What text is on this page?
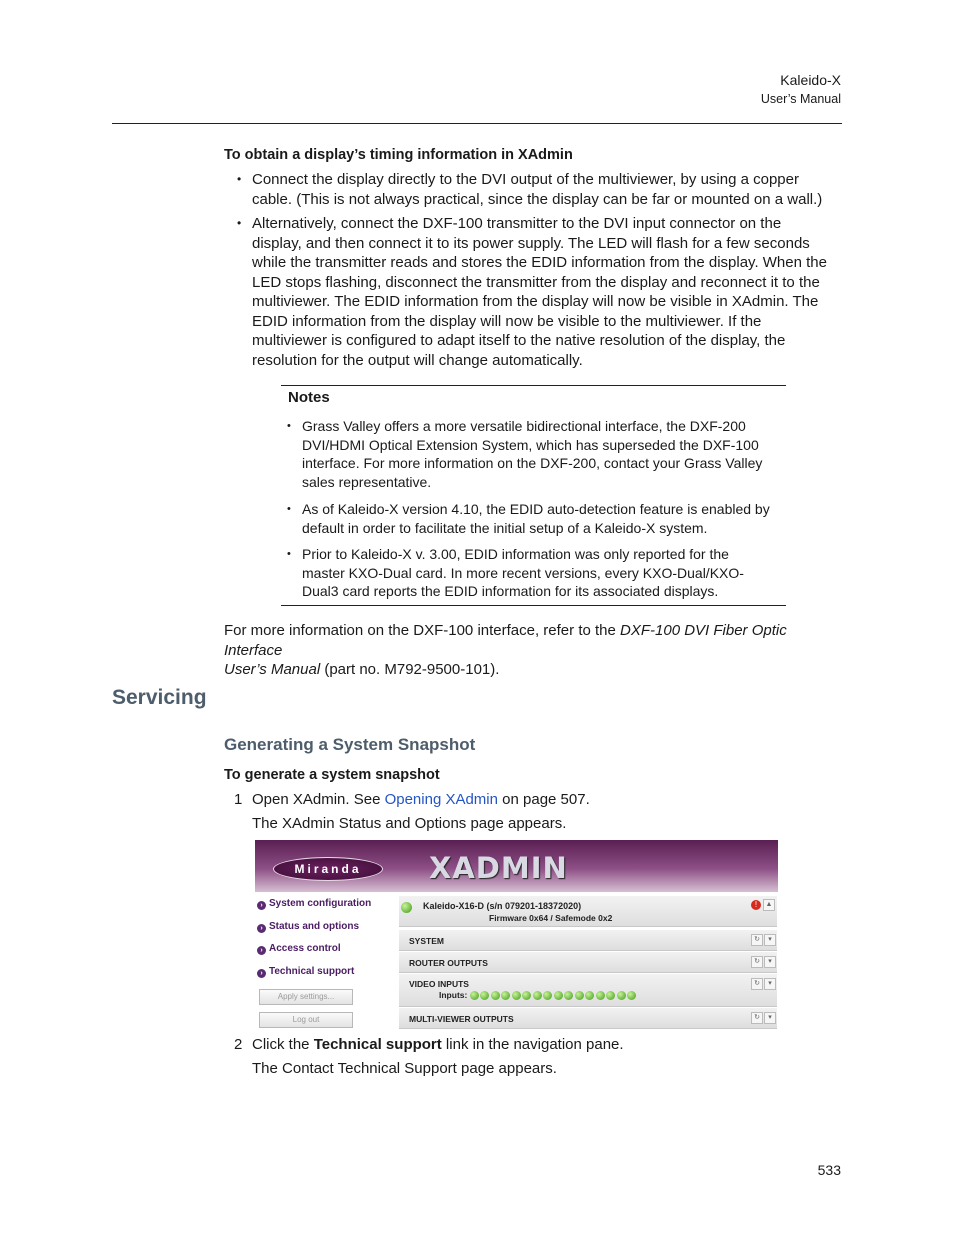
Kaleido-X
User’s Manual
To obtain a display’s timing information in XAdmin
• Connect the display directly to the DVI output of the multiviewer, by using a copper
cable. (This is not always practical, since the display can be far or mounted on a wall.)
• Alternatively, connect the DXF-100 transmitter to the DVI input connector on the
display, and then connect it to its power supply. The LED will flash for a few seconds
while the transmitter reads and stores the EDID information from the display. When the
LED stops flashing, disconnect the transmitter from the display and reconnect it to the
multiviewer. The EDID information from the display will now be visible in XAdmin. The
EDID information from the display will now be visible to the multiviewer. If the
multiviewer is configured to adapt itself to the native resolution of the display, the
resolution for the output will change automatically.
Notes
• Grass Valley offers a more versatile bidirectional interface, the DXF-200
DVI/HDMI Optical Extension System, which has superseded the DXF-100
interface. For more information on the DXF-200, contact your Grass Valley
sales representative.
• As of Kaleido-X version 4.10, the EDID auto-detection feature is enabled by
default in order to facilitate the initial setup of a Kaleido-X system.
• Prior to Kaleido-X v. 3.00, EDID information was only reported for the
master KXO-Dual card. In more recent versions, every KXO-Dual/KXO-
Dual3 card reports the EDID information for its associated displays.
For more information on the DXF-100 interface, refer to the DXF-100 DVI Fiber Optic Interface
User’s Manual (part no. M792-9500-101).
Servicing
Generating a System Snapshot
To generate a system snapshot
1 Open XAdmin. See Opening XAdmin on page 507.
The XAdmin Status and Options page appears.
Miranda	XADMIN
› System configuration
› Status and options
› Access control
› Technical support
Apply settings...
Log out
Kaleido-X16-D (s/n 079201-18372020)
Firmware 0x64 / Safemode 0x2
!	▲
SYSTEM	↻	▾
ROUTER OUTPUTS	↻	▾
VIDEO INPUTS
Inputs:
↻	▾
MULTI-VIEWER OUTPUTS	↻	▾
2 Click the Technical support link in the navigation pane.
The Contact Technical Support page appears.
533
